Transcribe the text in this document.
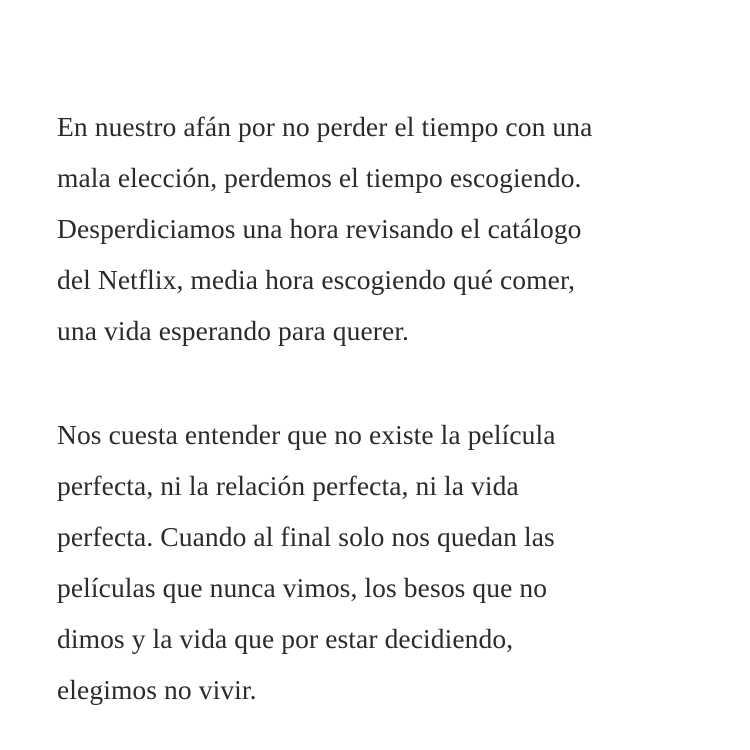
En nuestro afán por no perder el tiempo con una
mala elección, perdemos el tiempo escogiendo.
Desperdiciamos una hora revisando el catálogo
del Netflix, media hora escogiendo qué comer,
una vida esperando para querer.
Nos cuesta entender que no existe la película
perfecta, ni la relación perfecta, ni la vida
perfecta. Cuando al final solo nos quedan las
películas que nunca vimos, los besos que no
dimos y la vida que por estar decidiendo,
elegimos no vivir.
